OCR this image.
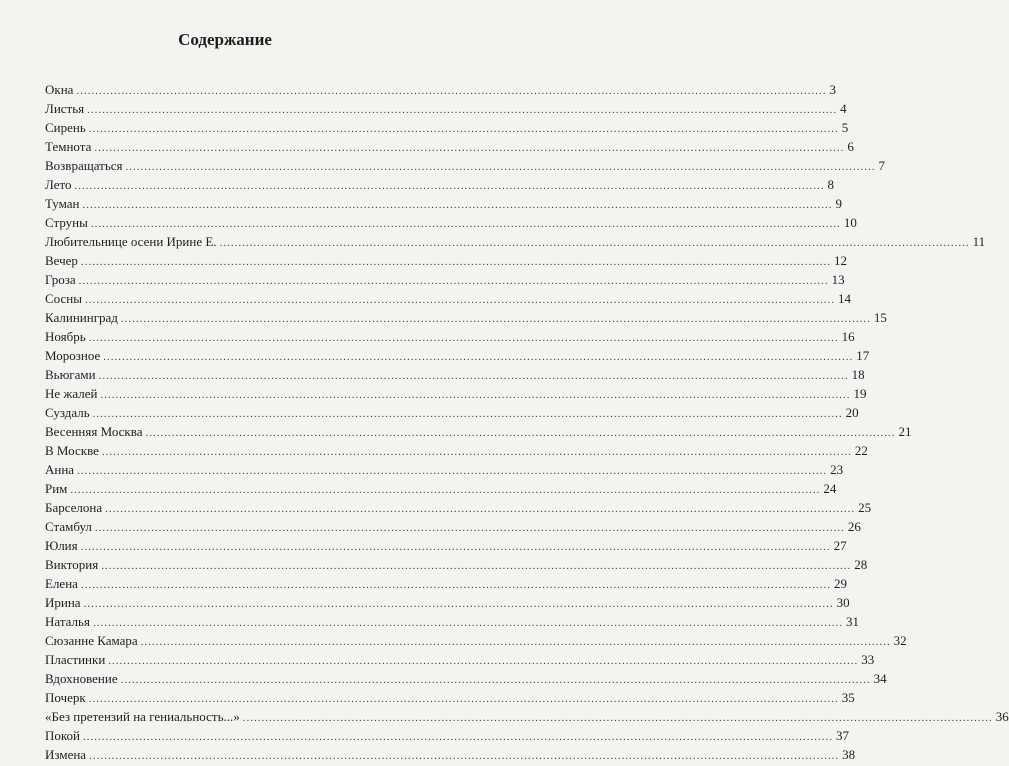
Содержание
Окна ........................................................................................................................................................................................................ 3
Листья ........................................................................................................................................................................................................ 4
Сирень ........................................................................................................................................................................................................ 5
Темнота ........................................................................................................................................................................................................ 6
Возвращаться ........................................................................................................................................................................................................ 7
Лето ........................................................................................................................................................................................................ 8
Туман ........................................................................................................................................................................................................ 9
Струны ........................................................................................................................................................................................................ 10
Любительнице осени Ирине Е. ........................................................................................................................................................................................................ 11
Вечер ........................................................................................................................................................................................................ 12
Гроза ........................................................................................................................................................................................................ 13
Сосны ........................................................................................................................................................................................................ 14
Калининград ........................................................................................................................................................................................................ 15
Ноябрь ........................................................................................................................................................................................................ 16
Морозное ........................................................................................................................................................................................................ 17
Вьюгами ........................................................................................................................................................................................................ 18
Не жалей ........................................................................................................................................................................................................ 19
Суздаль ........................................................................................................................................................................................................ 20
Весенняя Москва ........................................................................................................................................................................................................ 21
В Москве ........................................................................................................................................................................................................ 22
Анна ........................................................................................................................................................................................................ 23
Рим ........................................................................................................................................................................................................ 24
Барселона ........................................................................................................................................................................................................ 25
Стамбул ........................................................................................................................................................................................................ 26
Юлия ........................................................................................................................................................................................................ 27
Виктория ........................................................................................................................................................................................................ 28
Елена ........................................................................................................................................................................................................ 29
Ирина ........................................................................................................................................................................................................ 30
Наталья ........................................................................................................................................................................................................ 31
Сюзанне Камара ........................................................................................................................................................................................................ 32
Пластинки ........................................................................................................................................................................................................ 33
Вдохновение ........................................................................................................................................................................................................ 34
Почерк ........................................................................................................................................................................................................ 35
«Без претензий на гениальность...» ........................................................................................................................................................................................................ 36
Покой ........................................................................................................................................................................................................ 37
Измена ........................................................................................................................................................................................................ 38
